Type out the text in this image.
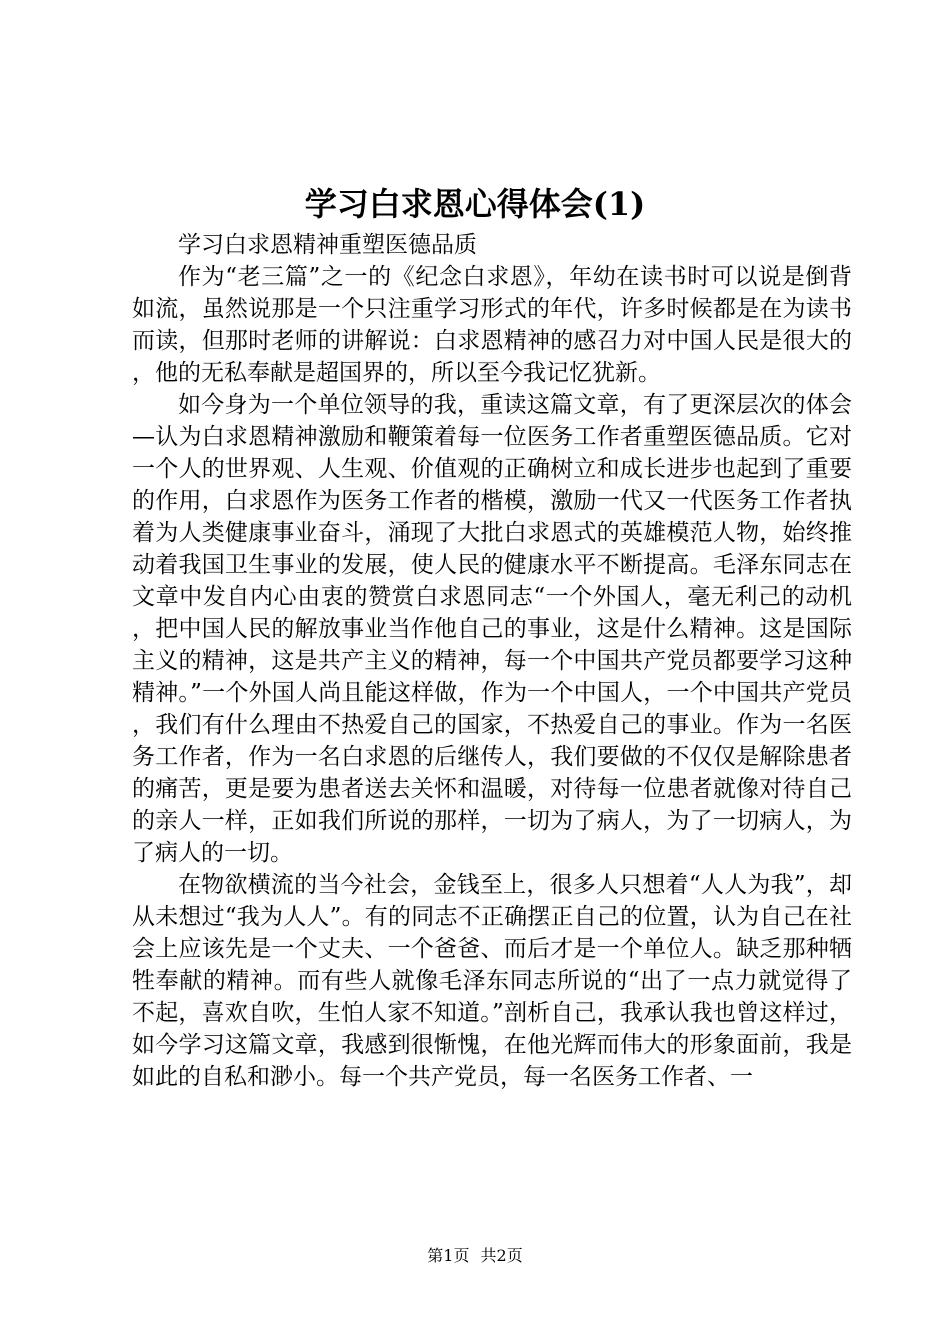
学习白求恩心得体会(1)

学习白求恩精神重塑医德品质

作为“老三篇”之一的《纪念白求恩》，年幼在读书时可以说是倒背如流，虽然说那是一个只注重学习形式的年代，许多时候都是在为读书而读，但那时老师的讲解说：白求恩精神的感召力对中国人民是很大的，他的无私奉献是超国界的，所以至今我记忆犹新。

如今身为一个单位领导的我，重读这篇文章，有了更深层次的体会—认为白求恩精神激励和鞭策着每一位医务工作者重塑医德品质。它对一个人的世界观、人生观、价值观的正确树立和成长进步也起到了重要的作用，白求恩作为医务工作者的楷模，激励一代又一代医务工作者执着为人类健康事业奋斗，涌现了大批白求恩式的英雄模范人物，始终推动着我国卫生事业的发展，使人民的健康水平不断提高。毛泽东同志在文章中发自内心由衷的赞赏白求恩同志“一个外国人，毫无利己的动机，把中国人民的解放事业当作他自己的事业，这是什么精神。这是国际主义的精神，这是共产主义的精神，每一个中国共产党员都要学习这种精神。”一个外国人尚且能这样做，作为一个中国人，一个中国共产党员，我们有什么理由不热爱自己的国家，不热爱自己的事业。作为一名医务工作者，作为一名白求恩的后继传人，我们要做的不仅仅是解除患者的痛苦，更是要为患者送去关怀和温暖，对待每一位患者就像对待自己的亲人一样，正如我们所说的那样，一切为了病人，为了一切病人，为了病人的一切。

在物欲横流的当今社会，金钱至上，很多人只想着“人人为我”，却从未想过“我为人人”。有的同志不正确摆正自己的位置，认为自己在社会上应该先是一个丈夫、一个爸爸、而后才是一个单位人。缺乏那种牺牲奉献的精神。而有些人就像毛泽东同志所说的“出了一点力就觉得了不起，喜欢自吹，生怕人家不知道。”剖析自己，我承认我也曾这样过，如今学习这篇文章，我感到很惭愧，在他光辉而伟大的形象面前，我是如此的自私和渺小。每一个共产党员，每一名医务工作者、一

第1页 共2页
